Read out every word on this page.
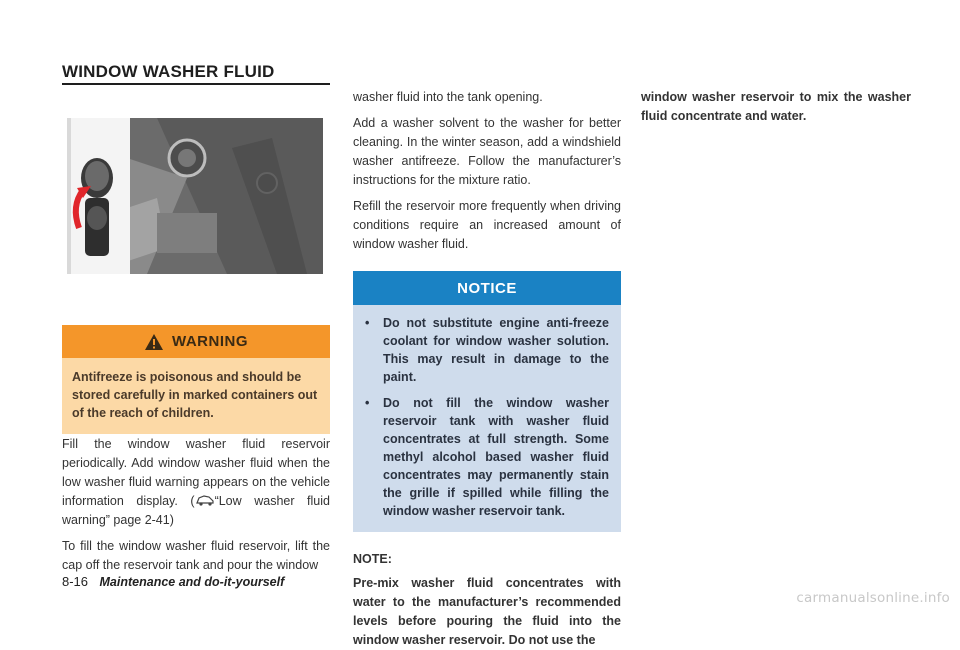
WINDOW WASHER FLUID
WARNING
Antifreeze is poisonous and should be stored carefully in marked containers out of the reach of children.

Fill the window washer fluid reservoir periodically. Add window washer fluid when the low washer fluid warning appears on the vehicle information display. ( “Low washer fluid warning” page 2-41)

To fill the window washer fluid reservoir, lift the cap off the reservoir tank and pour the window

washer fluid into the tank opening.

Add a washer solvent to the washer for better cleaning. In the winter season, add a windshield washer antifreeze. Follow the manufacturer’s instructions for the mixture ratio.

Refill the reservoir more frequently when driving conditions require an increased amount of window washer fluid.

NOTICE
•	Do not substitute engine anti-freeze coolant for window washer solution. This may result in damage to the paint.
•	Do not fill the window washer reservoir tank with washer fluid concentrates at full strength. Some methyl alcohol based washer fluid concentrates may permanently stain the grille if spilled while filling the window washer reservoir tank.
NOTE:
Pre-mix washer fluid concentrates with water to the manufacturer’s recommended levels before pouring the fluid into the window washer reservoir. Do not use the
window washer reservoir to mix the washer fluid concentrate and water.
8-16 Maintenance and do-it-yourself
carmanualsonline.info
